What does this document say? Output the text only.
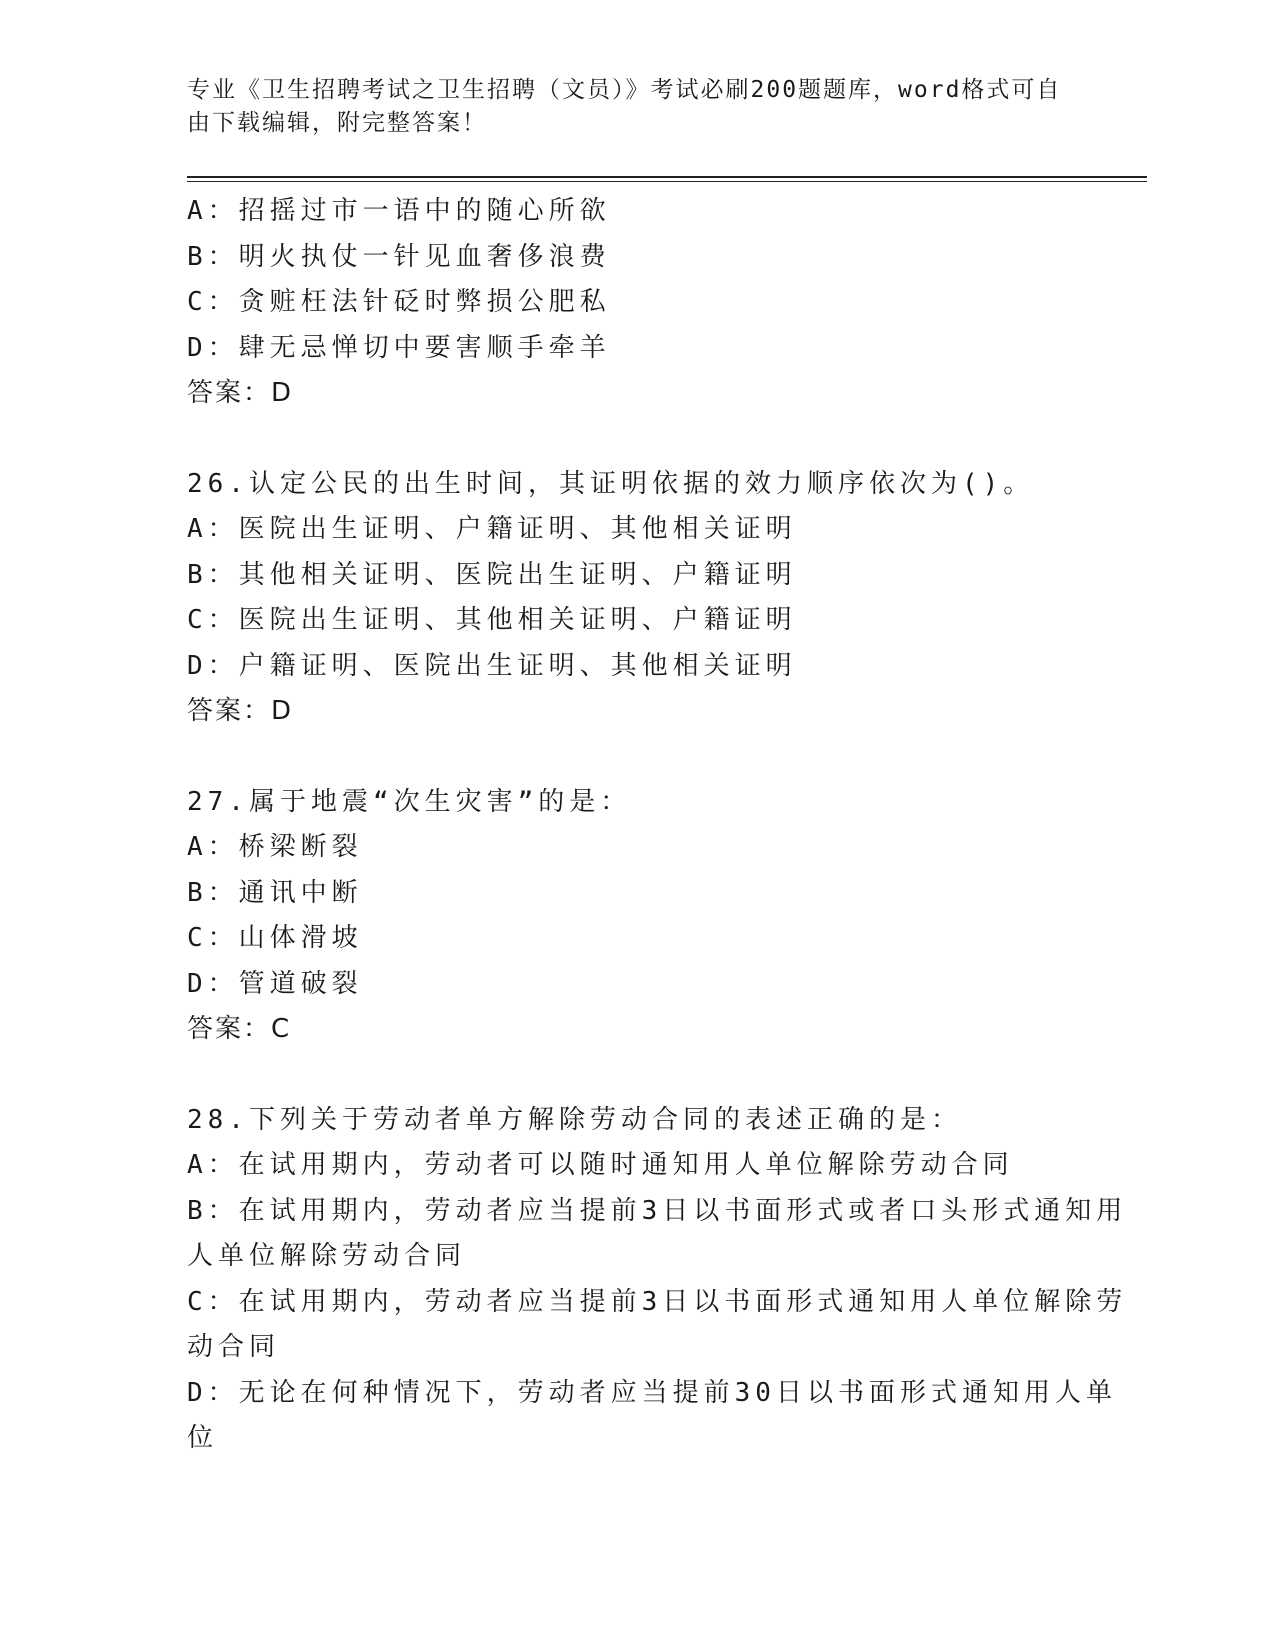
专业《卫生招聘考试之卫生招聘（文员）》考试必刷200题题库，word格式可自
由下载编辑，附完整答案！
A：招摇过市一语中的随心所欲
B：明火执仗一针见血奢侈浪费
C：贪赃枉法针砭时弊损公肥私
D：肆无忌惮切中要害顺手牵羊
答案：D
26.认定公民的出生时间，其证明依据的效力顺序依次为()。
A：医院出生证明、户籍证明、其他相关证明
B：其他相关证明、医院出生证明、户籍证明
C：医院出生证明、其他相关证明、户籍证明
D：户籍证明、医院出生证明、其他相关证明
答案：D
27.属于地震“次生灾害”的是：
A：桥梁断裂
B：通讯中断
C：山体滑坡
D：管道破裂
答案：C
28.下列关于劳动者单方解除劳动合同的表述正确的是：
A：在试用期内，劳动者可以随时通知用人单位解除劳动合同
B：在试用期内，劳动者应当提前3日以书面形式或者口头形式通知用
人单位解除劳动合同
C：在试用期内，劳动者应当提前3日以书面形式通知用人单位解除劳
动合同
D：无论在何种情况下，劳动者应当提前30日以书面形式通知用人单
位
